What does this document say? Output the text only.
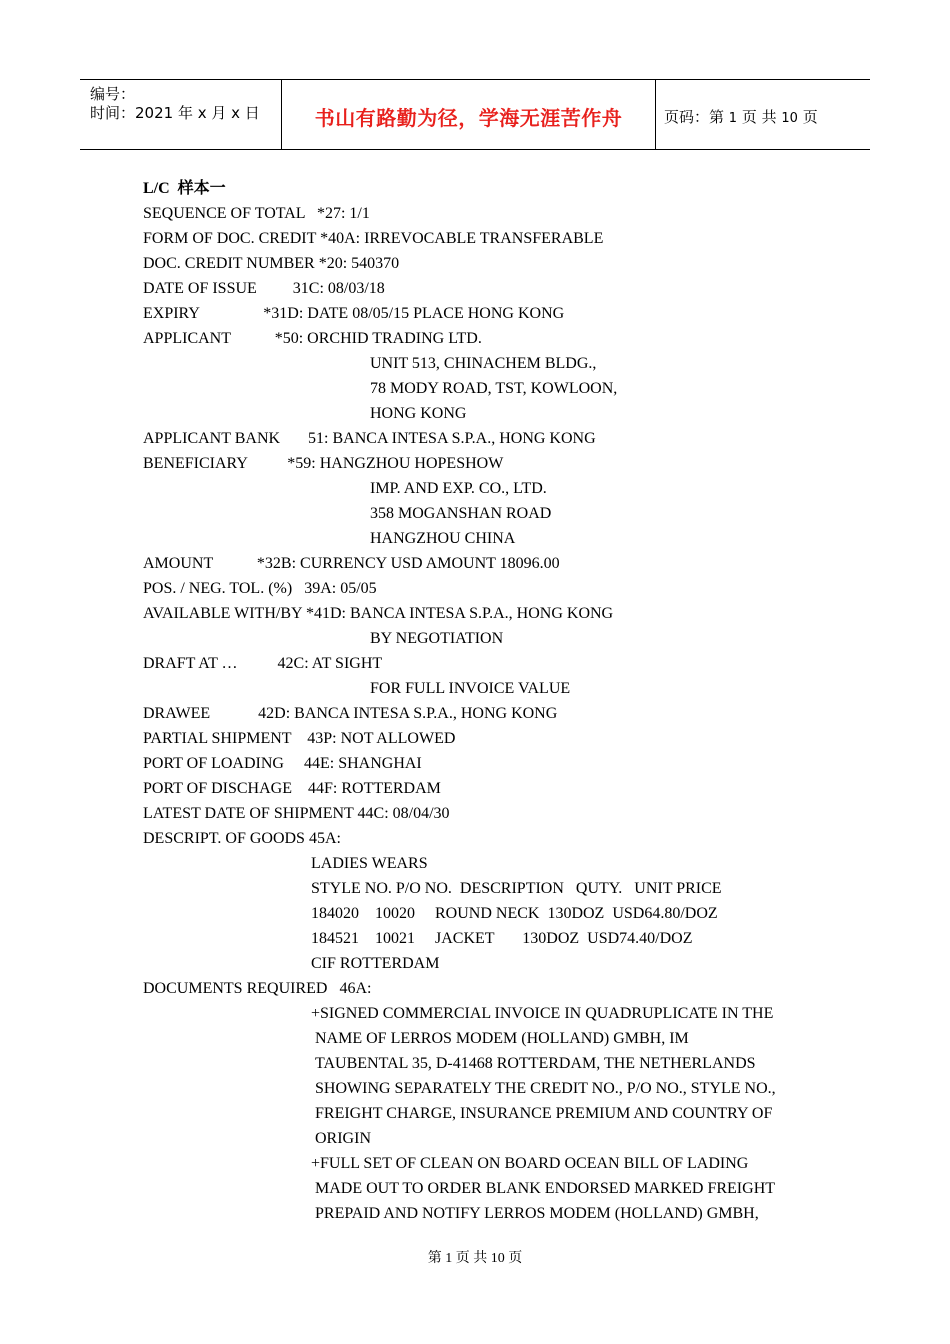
编号：
时间：2021 年 x 月 x 日	书山有路勤为径，学海无涯苦作舟	页码：第 1 页 共 10 页
L/C  样本一
SEQUENCE OF TOTAL   *27: 1/1
FORM OF DOC. CREDIT *40A: IRREVOCABLE TRANSFERABLE
DOC. CREDIT NUMBER *20: 540370
DATE OF ISSUE         31C: 08/03/18
EXPIRY                *31D: DATE 08/05/15 PLACE HONG KONG
APPLICANT           *50: ORCHID TRADING LTD.
UNIT 513, CHINACHEM BLDG.,
78 MODY ROAD, TST, KOWLOON,
HONG KONG
APPLICANT BANK       51: BANCA INTESA S.P.A., HONG KONG
BENEFICIARY          *59: HANGZHOU HOPESHOW
IMP. AND EXP. CO., LTD.
358 MOGANSHAN ROAD
HANGZHOU CHINA
AMOUNT           *32B: CURRENCY USD AMOUNT 18096.00
POS. / NEG. TOL. (%)   39A: 05/05
AVAILABLE WITH/BY *41D: BANCA INTESA S.P.A., HONG KONG
BY NEGOTIATION
DRAFT AT …          42C: AT SIGHT
FOR FULL INVOICE VALUE
DRAWEE            42D: BANCA INTESA S.P.A., HONG KONG
PARTIAL SHIPMENT    43P: NOT ALLOWED
PORT OF LOADING     44E: SHANGHAI
PORT OF DISCHAGE    44F: ROTTERDAM
LATEST DATE OF SHIPMENT 44C: 08/04/30
DESCRIPT. OF GOODS 45A:
LADIES WEARS
STYLE NO. P/O NO.  DESCRIPTION   QUTY.   UNIT PRICE
184020    10020     ROUND NECK  130DOZ  USD64.80/DOZ
184521    10021     JACKET       130DOZ  USD74.40/DOZ
CIF ROTTERDAM
DOCUMENTS REQUIRED   46A:
+SIGNED COMMERCIAL INVOICE IN QUADRUPLICATE IN THE
NAME OF LERROS MODEM (HOLLAND) GMBH, IM
TAUBENTAL 35, D-41468 ROTTERDAM, THE NETHERLANDS
SHOWING SEPARATELY THE CREDIT NO., P/O NO., STYLE NO.,
FREIGHT CHARGE, INSURANCE PREMIUM AND COUNTRY OF
ORIGIN
+FULL SET OF CLEAN ON BOARD OCEAN BILL OF LADING
MADE OUT TO ORDER BLANK ENDORSED MARKED FREIGHT
PREPAID AND NOTIFY LERROS MODEM (HOLLAND) GMBH,
第 1 页 共 10 页
